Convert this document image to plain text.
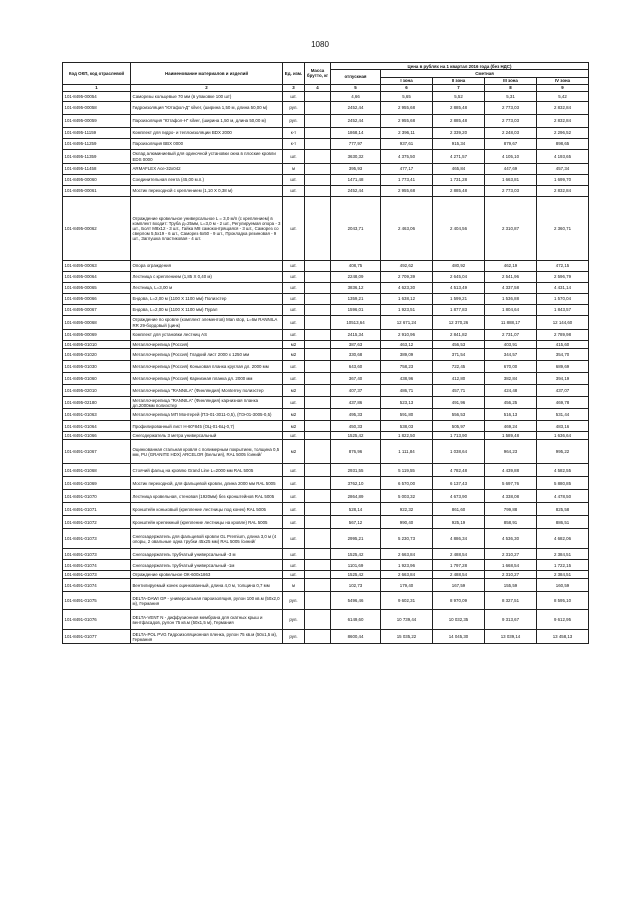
1080
Код ОКП, код отраслевой	Наименование материалов и изделий	Ед. изм.	Масса брутто, кг	Цена в рублях на 1 квартал 2016 года (без НДС)				
				отпускная	Сметная			
					I зона	II зона	III зона	IV зона
1	2	3	4	5	6	7	8	9
101-8495-00054	Саморезы кольцевые 70 мм (в упаковке 100 шт)	шт.		4,66	5,65	5,52	5,31	5,42
101-8495-00058	Гидроизоляция "Ютафол-Д" silver, (ширина 1,50 м, длина 50,00 м)	рул.		2452,44	2 955,68	2 885,48	2 773,03	2 832,84
101-8495-00059	Пароизоляция "Ютафол-Н" silver, (ширина 1,50 м, длина 50,00 м)	рул.		2452,44	2 955,68	2 885,48	2 773,03	2 832,84
101-8495-11159	Комплект для гидро- и теплоизоляции BDX 2000	к-т		1868,14	2 396,11	2 339,20	2 248,03	2 296,52
101-8495-11259	Пароизоляция BBX 0000	к-т		777,97	937,61	915,34	879,67	898,65
101-8495-11359	Оклад алюминиевый для одиночной установки окна в плоские кровли EDS 0000	шт.		3630,32	4 375,50	4 271,57	4 105,10	4 193,65
101-8495-11458	ARMAFLEX Ace-32x042	м		395,93	477,17	465,84	447,69	457,34
101-8495-00060	Соединительная лента (45,00 м.п.)	шт.		1471,48	1 773,41	1 731,28	1 663,81	1 699,70
101-8495-00061	Мостик переходной с креплением (1,10 Х 0,38 м)	шт.		2452,44	2 955,68	2 885,48	2 773,03	2 832,84
101-8495-00062	Ограждение кровельное универсальное L = 3,0 м/п (с креплением) в комплект входит: Труба д=25мм, L=3,0 м - 2 шт., Регулируемая опора - 3 шт., Болт M8x12 - 3 шт., Гайка М8 самоконтрящаяся - 3 шт., Саморез со сверлом 5,5x19 - 6 шт., Саморез 6x50 - 9 шт., Прокладка резиновая - 9 шт., Заглушка пластиковая - 4 шт.	шт.		2043,71	2 463,06	2 404,56	2 310,87	2 360,71
101-8495-00063	Опора ограждения	шт.		408,75	492,62	480,92	462,19	472,15
101-8495-00064	Лестница с креплением (1,85 Х 0,40 м)	шт.		2248,09	2 709,39	2 645,04	2 541,96	2 596,79
101-8495-00065	Лестница, L=3,00 м	шт.		3836,12	4 623,30	4 513,49	4 337,58	4 431,14
101-8495-00066	Ендова, L=2,00 м (1100 Х 1100 мм) Полиэстер	шт.		1359,21	1 638,12	1 599,21	1 536,88	1 570,04
101-8495-00067	Ендова, L=2,00 м (1100 Х 1100 мм) Пурал	шт.		1596,01	1 923,51	1 877,83	1 804,64	1 843,57
101-8495-00068	Ограждение по кровле (комплект элементов) Man stop, L=6м RANNILA RR 29-бордовый (цинк)	шт.		10513,64	12 671,24	12 370,26	11 888,17	12 144,60
101-8495-00069	Комплект для установки лестниц AS	шт.		2415,34	2 910,96	2 841,82	2 731,07	2 789,98
101-8495-01010	Металлочерепица (Россия)	м2		387,63	463,12	456,53	403,91	415,60
101-8495-01020	Металлочерепица (Россия) Гладкий лист 2000 х 1250 мм	м2		330,68	389,09	371,54	344,57	354,70
101-8495-01030	Металлочерепица (Россия) Коньковая планка круглая дл. 2000 мм	шт.		643,60	758,23	722,45	670,00	689,69
101-8495-01060	Металлочерепица (Россия) Карнизная планка дл. 2000 мм	шт.		367,40	438,96	412,80	382,84	394,19
101-8495-02010	Металлочерепица "RANNILA" (Финляндия) Monterrey полиэстер	м2		407,37	486,71	457,71	424,48	437,07
101-8495-02180	Металлочерепица "RANNILA" (Финляндия) карнизная планка дл.2000мм полиэстер	шт.		437,86	523,13	491,96	456,25	469,78
101-8491-01063	Металлочерепица МП Монтерей (ПЭ-01-3011-0,5), (ПЭ-01-3005-0,5)	м2		495,33	591,80	556,53	516,13	531,44
101-8491-01064	Профилированный лист Н-60*845 (ОЦ-01-БЦ-0,7)	м2		450,33	538,03	505,97	469,24	483,16
101-8491-01066	Снегодержатель 3 метра универсальный	шт.		1525,42	1 822,50	1 713,90	1 589,48	1 636,64
101-8491-01067	Оцинкованная стальная кровля с полимерным покрытием, толщина 0,5 мм, PU (GRANITE HDX) ARCELOR (Бельгия), RAL 5005 /синий/	м2		876,96	1 111,84	1 038,64	964,23	995,22
101-8491-01068	Стоячий фальц на кровлю Grand Line L=2000 мм RAL 5005	шт.		2931,55	5 119,55	4 782,48	4 439,88	4 582,55
101-8491-01069	Мостик переходной, для фальцевой кровли, длина 2000 мм RAL 5005	шт.		3762,10	6 570,00	6 137,43	5 697,76	5 880,85
101-8491-01070	Лестница кровельная, стеновая (1920мм) без кронштейнов RAL 5005	шт.		2864,89	5 003,32	4 673,90	4 338,08	4 478,50
101-8491-01071	Кронштейн коньковый (крепление лестницы под конек) RAL 5005	шт.		528,14	922,32	861,60	799,88	825,58
101-8491-01072	Кронштейн крепежный (крепление лестницы на кровле) RAL 5005	шт.		567,12	990,40	925,19	858,91	886,51
101-8491-01073	Снегозадержатель для фальцевой кровли GL Premium, длина 3,0 м (4 опоры, 2 овальные одна трубки 45х25 мм) RAL 5005 /синий/	шт.		2995,21	5 230,73	4 886,34	4 536,30	4 682,06
101-8491-01073	Снегозадержатель трубчатый универсальный -3 м	шт.		1525,42	2 663,84	2 488,54	2 310,27	2 384,51
101-8491-01074	Снегозадержатель трубчатый универсальный -1м	шт.		1101,69	1 923,96	1 797,28	1 668,54	1 722,15
101-8491-01073	Ограждение кровельное ОК-600х1863	шт.		1525,42	2 663,84	2 488,54	2 310,27	2 384,51
101-6491-01074	Вентилируемый конек оцинкованный, длина 4,0 м, толщина 0,7 мм	м		102,73	179,40	167,59	155,59	160,59
101-8491-01075	DELTA-DAWI GP - универсальная пароизоляция, рулон 100 кв.м (50х2,0 м), Германия	рул.		5496,46	9 602,31	8 970,09	8 327,51	8 595,10
101-8491-01076	DELTA-VENT N - диффузионная мембрана для скатных крыш и вентфасадов, рулон 75 кв.м (50х1,5 м), Германия	рул.		6149,60	10 739,44	10 032,35	9 313,67	9 612,95
101-8491-01077	DELTA-POL PVG Гидроизоляционная пленка, рулон 75 кв.м (50х1,5 м), Германия	рул.		8600,44	15 035,22	14 045,30	13 039,14	13 458,13
